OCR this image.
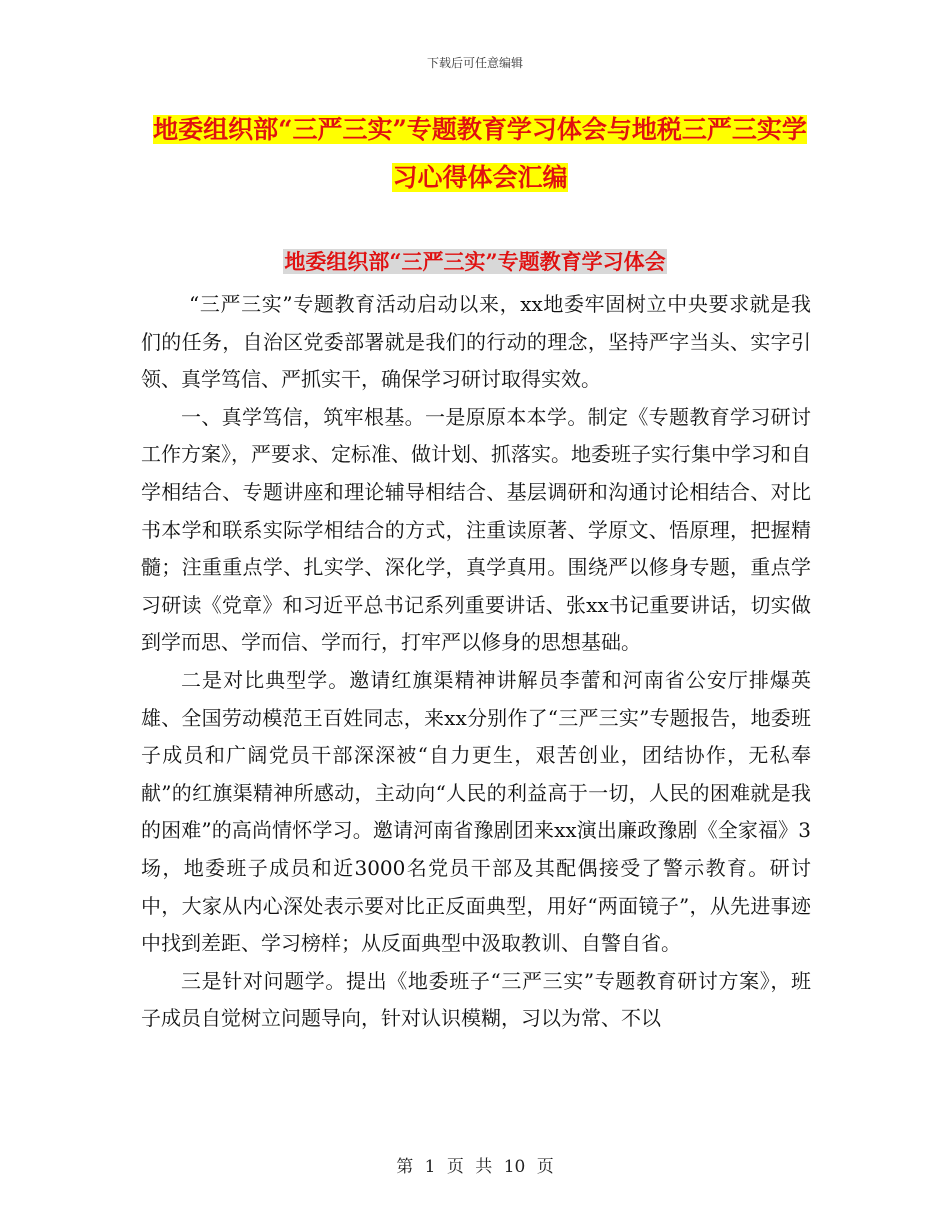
下载后可任意编辑
地委组织部“三严三实”专题教育学习体会与地税三严三实学习心得体会汇编
地委组织部“三严三实”专题教育学习体会

“三严三实”专题教育活动启动以来，xx地委牢固树立中央要求就是我们的任务，自治区党委部署就是我们的行动的理念，坚持严字当头、实字引领、真学笃信、严抓实干，确保学习研讨取得实效。

一、真学笃信，筑牢根基。一是原原本本学。制定《专题教育学习研讨工作方案》，严要求、定标准、做计划、抓落实。地委班子实行集中学习和自学相结合、专题讲座和理论辅导相结合、基层调研和沟通讨论相结合、对比书本学和联系实际学相结合的方式，注重读原著、学原文、悟原理，把握精髓；注重重点学、扎实学、深化学，真学真用。围绕严以修身专题，重点学习研读《党章》和习近平总书记系列重要讲话、张xx书记重要讲话，切实做到学而思、学而信、学而行，打牢严以修身的思想基础。

二是对比典型学。邀请红旗渠精神讲解员李蕾和河南省公安厅排爆英雄、全国劳动模范王百姓同志，来xx分别作了“三严三实”专题报告，地委班子成员和广阔党员干部深深被“自力更生，艰苦创业，团结协作，无私奉献”的红旗渠精神所感动，主动向“人民的利益高于一切，人民的困难就是我的困难”的高尚情怀学习。邀请河南省豫剧团来xx演出廉政豫剧《全家福》3场，地委班子成员和近3000名党员干部及其配偶接受了警示教育。研讨中，大家从内心深处表示要对比正反面典型，用好“两面镜子”，从先进事迹中找到差距、学习榜样；从反面典型中汲取教训、自警自省。

三是针对问题学。提出《地委班子“三严三实”专题教育研讨方案》，班子成员自觉树立问题导向，针对认识模糊，习以为常、不以

第 1 页 共 10 页
